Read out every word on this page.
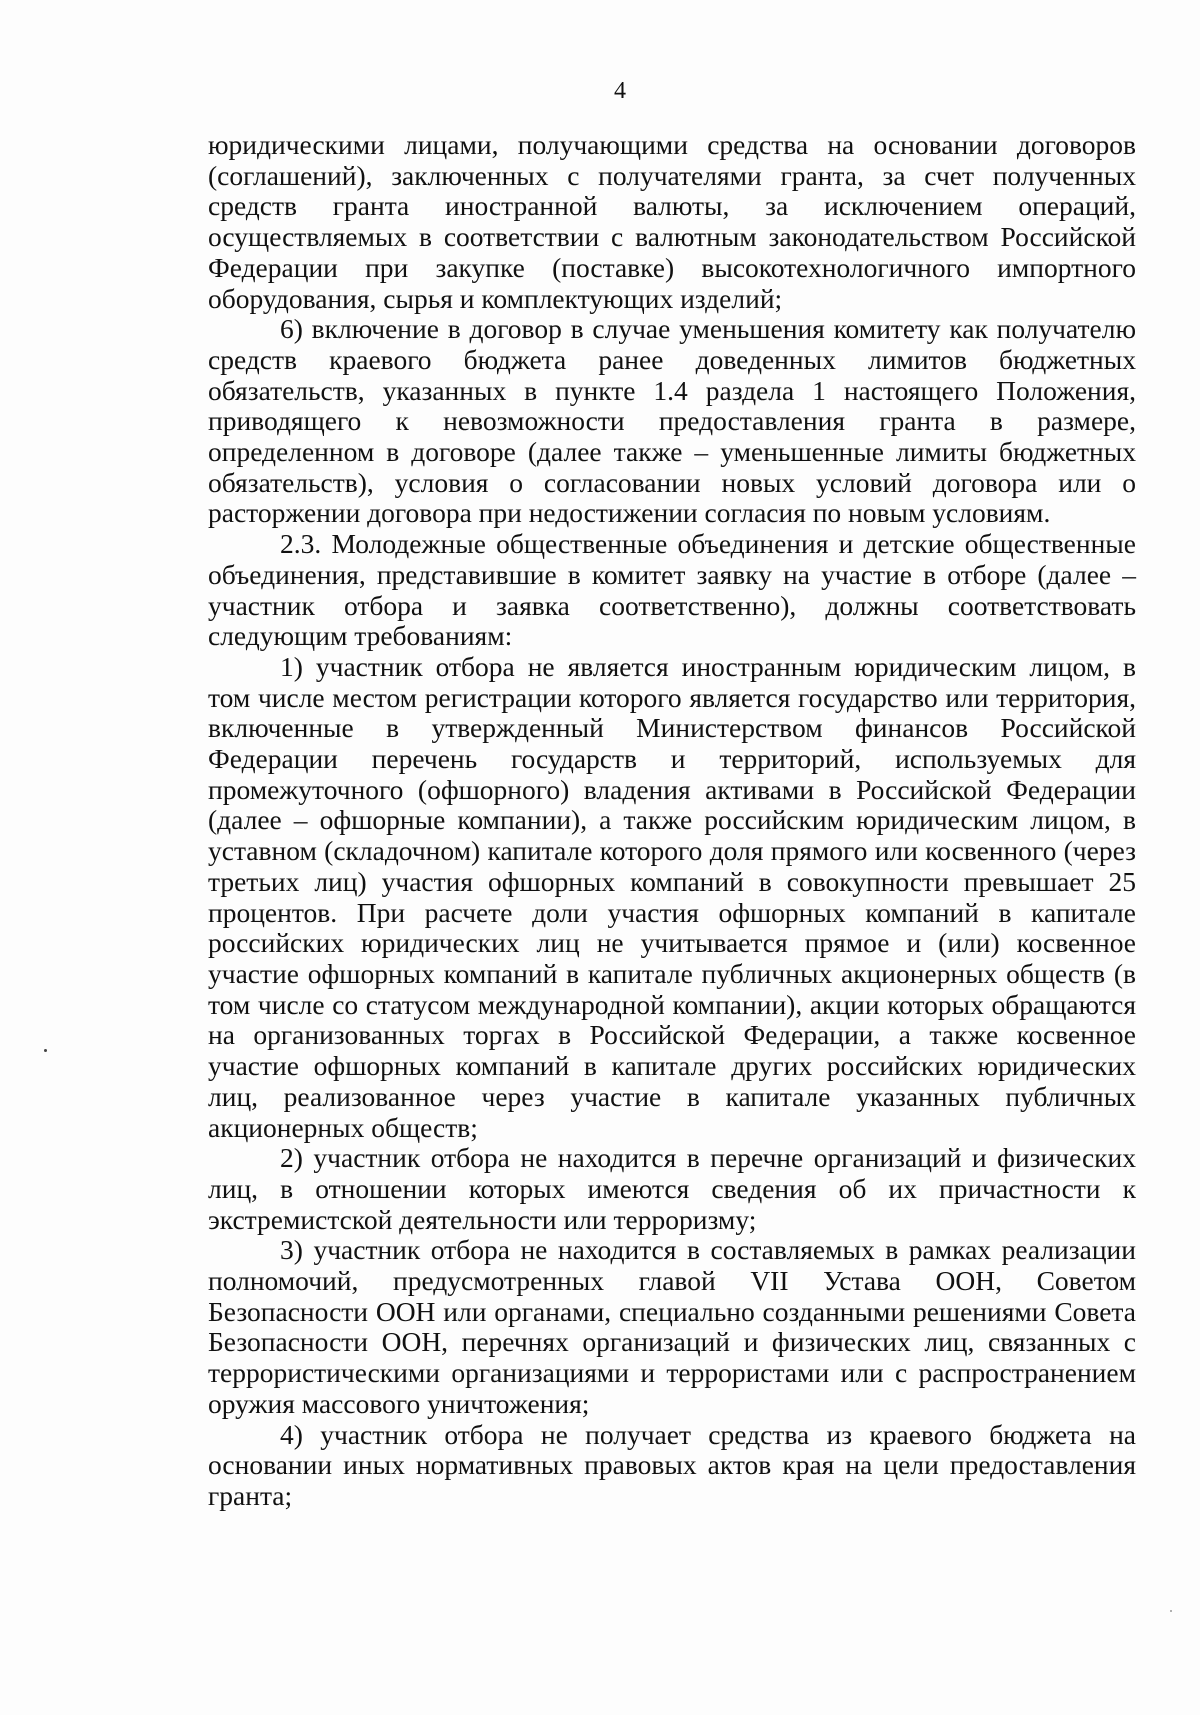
4

юридическими лицами, получающими средства на основании договоров (соглашений), заключенных с получателями гранта, за счет полученных средств гранта иностранной валюты, за исключением операций, осуществляемых в соответствии с валютным законодательством Российской Федерации при закупке (поставке) высокотехнологичного импортного оборудования, сырья и комплектующих изделий;

6) включение в договор в случае уменьшения комитету как получателю средств краевого бюджета ранее доведенных лимитов бюджетных обязательств, указанных в пункте 1.4 раздела 1 настоящего Положения, приводящего к невозможности предоставления гранта в размере, определенном в договоре (далее также – уменьшенные лимиты бюджетных обязательств), условия о согласовании новых условий договора или о расторжении договора при недостижении согласия по новым условиям.

2.3. Молодежные общественные объединения и детские общественные объединения, представившие в комитет заявку на участие в отборе (далее – участник отбора и заявка соответственно), должны соответствовать следующим требованиям:

1) участник отбора не является иностранным юридическим лицом, в том числе местом регистрации которого является государство или территория, включенные в утвержденный Министерством финансов Российской Федерации перечень государств и территорий, используемых для промежуточного (офшорного) владения активами в Российской Федерации (далее – офшорные компании), а также российским юридическим лицом, в уставном (складочном) капитале которого доля прямого или косвенного (через третьих лиц) участия офшорных компаний в совокупности превышает 25 процентов. При расчете доли участия офшорных компаний в капитале российских юридических лиц не учитывается прямое и (или) косвенное участие офшорных компаний в капитале публичных акционерных обществ (в том числе со статусом международной компании), акции которых обращаются на организованных торгах в Российской Федерации, а также косвенное участие офшорных компаний в капитале других российских юридических лиц, реализованное через участие в капитале указанных публичных акционерных обществ;

2) участник отбора не находится в перечне организаций и физических лиц, в отношении которых имеются сведения об их причастности к экстремистской деятельности или терроризму;

3) участник отбора не находится в составляемых в рамках реализации полномочий, предусмотренных главой VII Устава ООН, Советом Безопасности ООН или органами, специально созданными решениями Совета Безопасности ООН, перечнях организаций и физических лиц, связанных с террористическими организациями и террористами или с распространением оружия массового уничтожения;

4) участник отбора не получает средства из краевого бюджета на основании иных нормативных правовых актов края на цели предоставления гранта;
